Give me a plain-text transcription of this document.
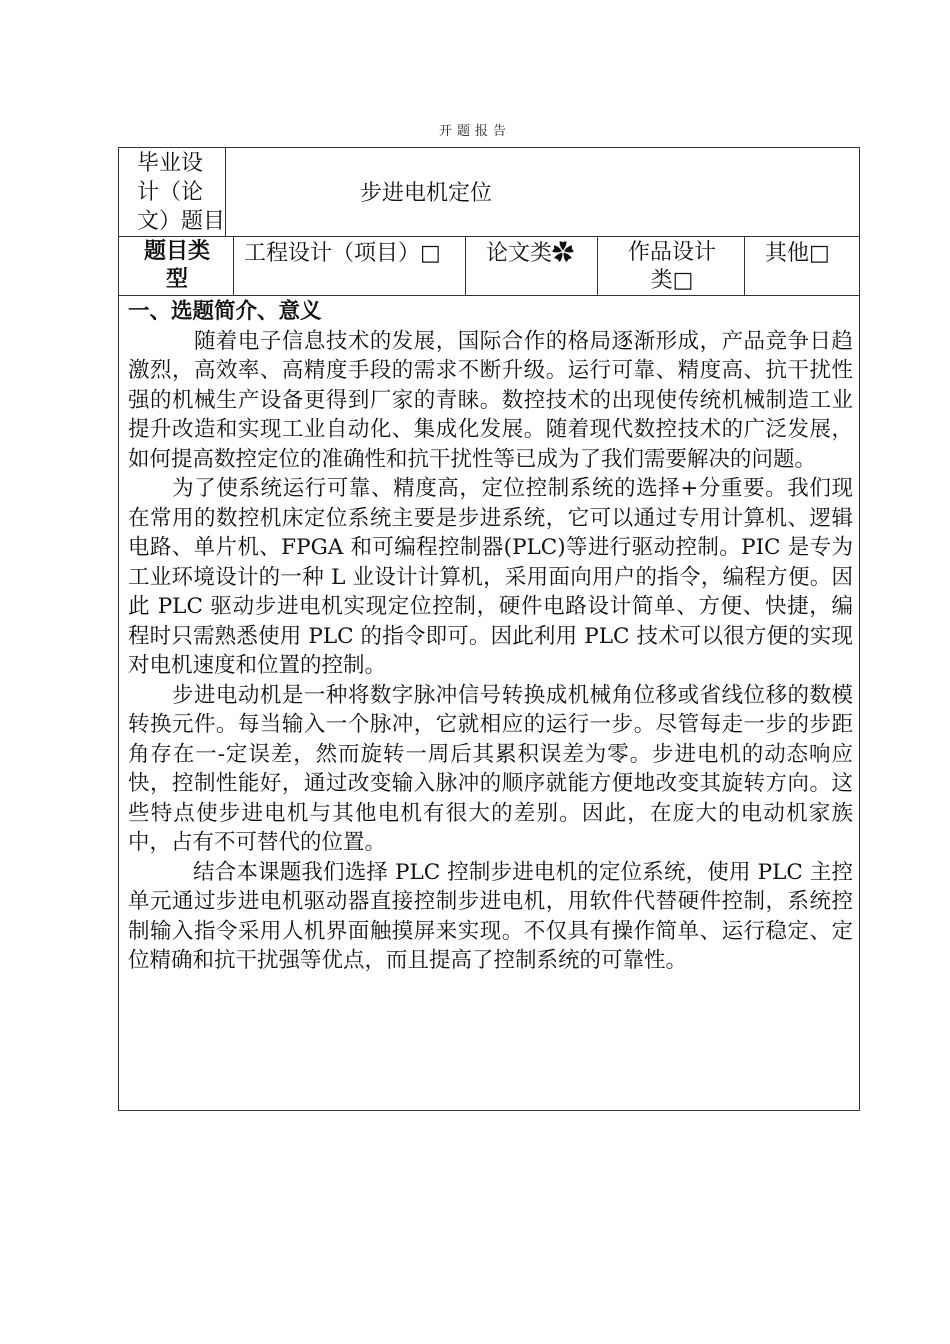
开题报告
毕业设
计（论
文）题目
步进电机定位
题目类
型
工程设计（项目）□ 论文类✿	作品设计
类□
其他□
一、选题简介、意义
　　　随着电子信息技术的发展，国际合作的格局逐渐形成，产品竞争日趋激烈，高效率、高精度手段的需求不断升级。运行可靠、精度高、抗干扰性强的机械生产设备更得到厂家的青睐。数控技术的出现使传统机械制造工业提升改造和实现工业自动化、集成化发展。随着现代数控技术的广泛发展，如何提高数控定位的准确性和抗干扰性等已成为了我们需要解决的问题。
　　为了使系统运行可靠、精度高，定位控制系统的选择+分重要。我们现在常用的数控机床定位系统主要是步进系统，它可以通过专用计算机、逻辑电路、单片机、FPGA 和可编程控制器(PLC)等进行驱动控制。PIC 是专为工业环境设计的一种 L 业设计计算机，采用面向用户的指令，编程方便。因此 PLC 驱动步进电机实现定位控制，硬件电路设计简单、方便、快捷，编程时只需熟悉使用 PLC 的指令即可。因此利用 PLC 技术可以很方便的实现对电机速度和位置的控制。
　　步进电动机是一种将数字脉冲信号转换成机械角位移或省线位移的数模转换元件。每当输入一个脉冲，它就相应的运行一步。尽管每走一步的步距角存在一-定误差，然而旋转一周后其累积误差为零。步进电机的动态响应快，控制性能好，通过改变输入脉冲的顺序就能方便地改变其旋转方向。这些特点使步进电机与其他电机有很大的差别。因此，在庞大的电动机家族中，占有不可替代的位置。
　　　结合本课题我们选择 PLC 控制步进电机的定位系统，使用 PLC 主控单元通过步进电机驱动器直接控制步进电机，用软件代替硬件控制，系统控制输入指令采用人机界面触摸屏来实现。不仅具有操作简单、运行稳定、定位精确和抗干扰强等优点，而且提高了控制系统的可靠性。
